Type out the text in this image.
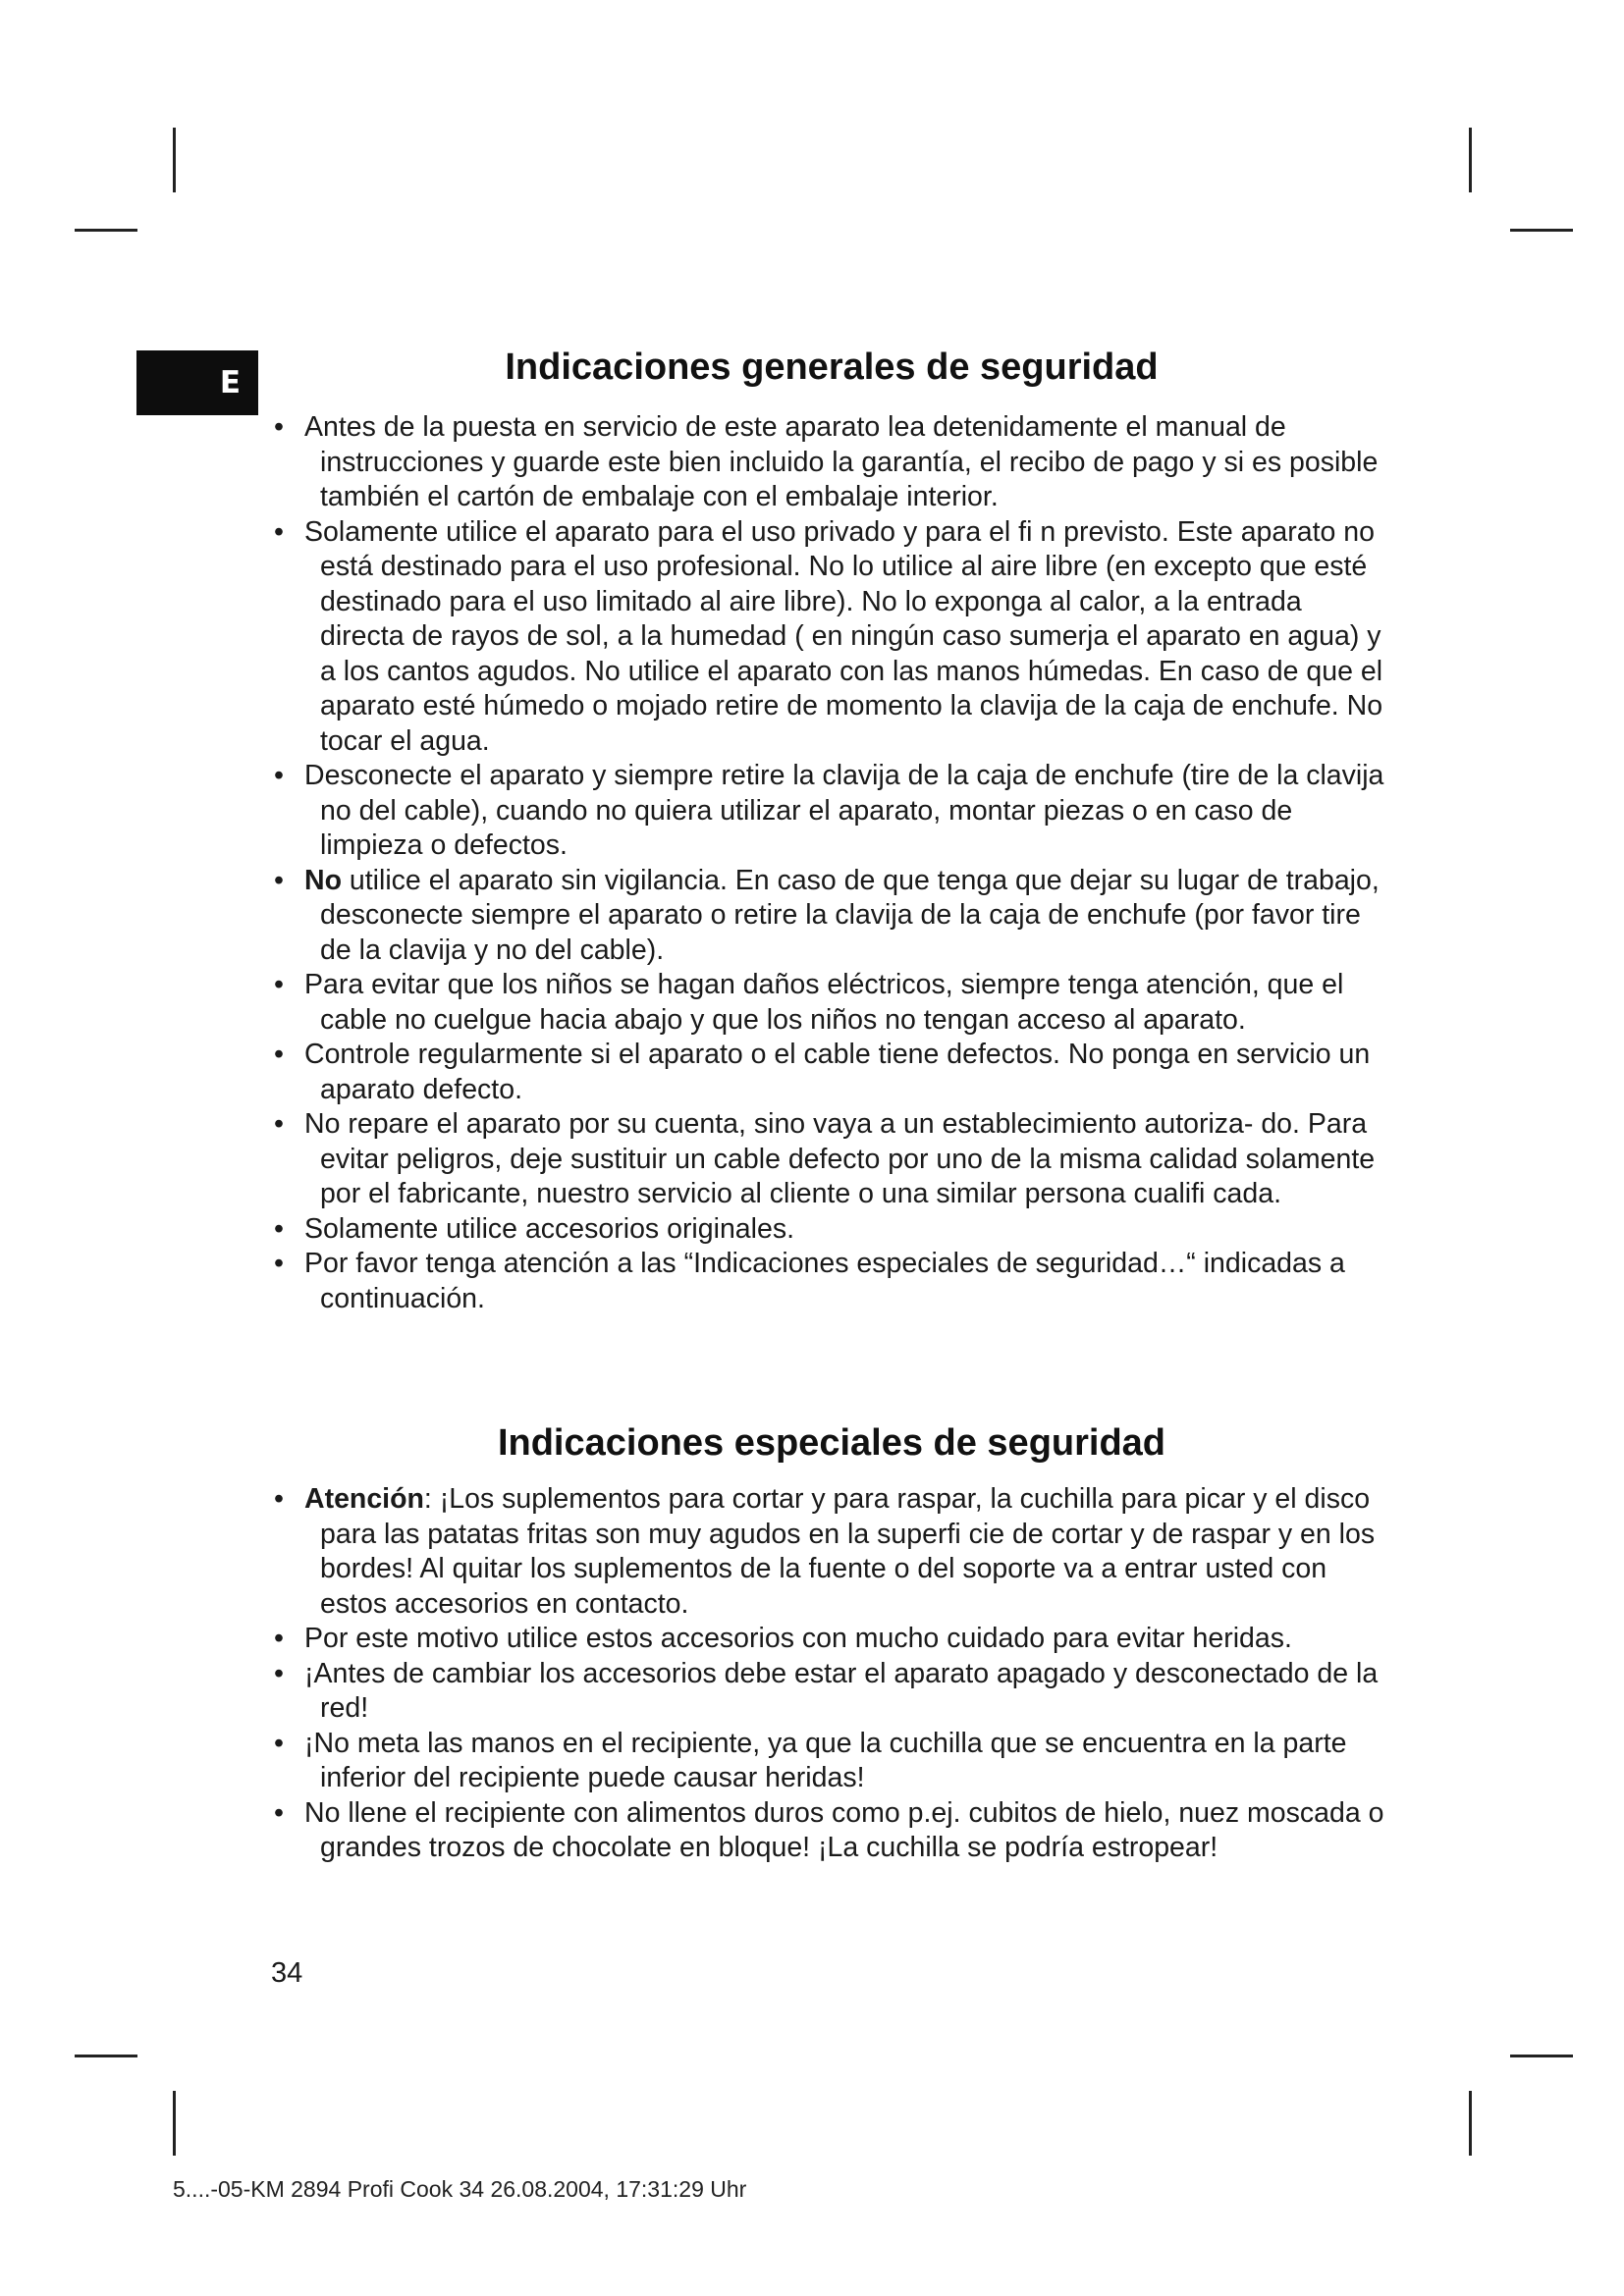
E	Indicaciones generales de seguridad
• Antes de la puesta en servicio de este aparato lea detenidamente el manual de instrucciones y guarde este bien incluido la garantía, el recibo de pago y si es posible también el cartón de embalaje con el embalaje interior.
• Solamente utilice el aparato para el uso privado y para el fi n previsto. Este aparato no está destinado para el uso profesional. No lo utilice al aire libre (en excepto que esté destinado para el uso limitado al aire libre). No lo exponga al calor, a la entrada directa de rayos de sol, a la humedad ( en ningún caso sumerja el aparato en agua) y a los cantos agudos. No utilice el aparato con las manos húmedas. En caso de que el aparato esté húmedo o mojado retire de momento la clavija de la caja de enchufe. No tocar el agua.
• Desconecte el aparato y siempre retire la clavija de la caja de enchufe (tire de la clavija no del cable), cuando no quiera utilizar el aparato, montar piezas o en caso de limpieza o defectos.
• No utilice el aparato sin vigilancia. En caso de que tenga que dejar su lugar de trabajo, desconecte siempre el aparato o retire la clavija de la caja de enchufe (por favor tire de la clavija y no del cable).
• Para evitar que los niños se hagan daños eléctricos, siempre tenga atención, que el cable no cuelgue hacia abajo y que los niños no tengan acceso al aparato.
• Controle regularmente si el aparato o el cable tiene defectos. No ponga en servicio un aparato defecto.
• No repare el aparato por su cuenta, sino vaya a un establecimiento autoriza- do. Para evitar peligros, deje sustituir un cable defecto por uno de la misma calidad solamente por el fabricante, nuestro servicio al cliente o una similar persona cualifi cada.
• Solamente utilice accesorios originales.
• Por favor tenga atención a las “Indicaciones especiales de seguridad…“ indicadas a continuación.
Indicaciones especiales de seguridad
• Atención: ¡Los suplementos para cortar y para raspar, la cuchilla para picar y el disco para las patatas fritas son muy agudos en la superfi cie de cortar y de raspar y en los bordes! Al quitar los suplementos de la fuente o del soporte va a entrar usted con estos accesorios en contacto.
• Por este motivo utilice estos accesorios con mucho cuidado para evitar heridas.
• ¡Antes de cambiar los accesorios debe estar el aparato apagado y desconectado de la red!
• ¡No meta las manos en el recipiente, ya que la cuchilla que se encuentra en la parte inferior del recipiente puede causar heridas!
• No llene el recipiente con alimentos duros como p.ej. cubitos de hielo, nuez moscada o grandes trozos de chocolate en bloque! ¡La cuchilla se podría estropear!
34
5....-05-KM 2894 Profi Cook 34 26.08.2004, 17:31:29 Uhr
